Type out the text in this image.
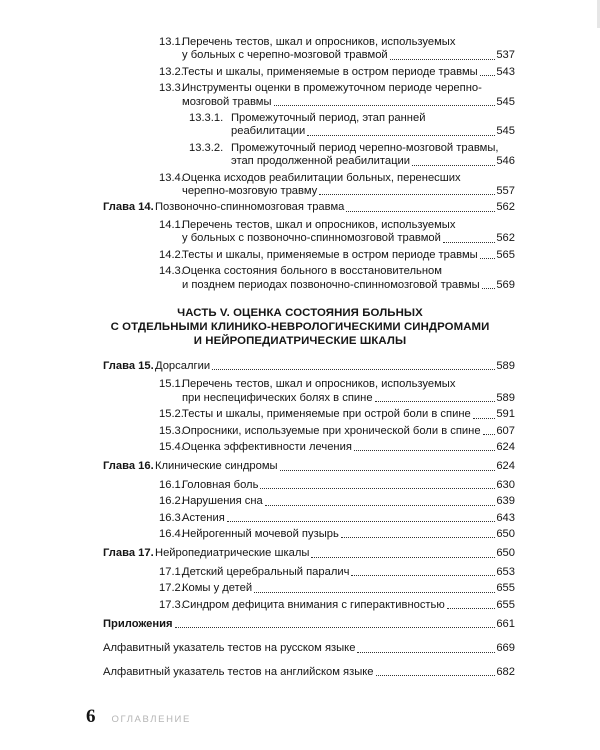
13.1.
Перечень тестов, шкал и опросников, используемых
у больных с черепно-мозговой травмой	537
13.2.
Тесты и шкалы, применяемые в остром периоде травмы 543
13.3.
Инструменты оценки в промежуточном периоде черепно-
мозговой травмы	545
13.3.1. Промежуточный период, этап ранней
реабилитации	545
13.3.2. Промежуточный период черепно-мозговой травмы,
этап продолженной реабилитации	546
13.4.
Оценка исходов реабилитации больных, перенесших
черепно-мозговую травму	557
Глава 14. Позвоночно-спинномозговая травма	562
14.1.
Перечень тестов, шкал и опросников, используемых
у больных с позвоночно-спинномозговой травмой	562
14.2.
Тесты и шкалы, применяемые в остром периоде травмы 565
14.3.
Оценка состояния больного в восстановительном
и позднем периодах позвоночно-спинномозговой травмы 569
ЧАСТЬ V. ОЦЕНКА СОСТОЯНИЯ БОЛЬНЫХ
С ОТДЕЛЬНЫМИ КЛИНИКО-НЕВРОЛОГИЧЕСКИМИ СИНДРОМАМИ
И НЕЙРОПЕДИАТРИЧЕСКИЕ ШКАЛЫ
Глава 15. Дорсалгии	589
15.1.
Перечень тестов, шкал и опросников, используемых
при неспецифических болях в спине	589
15.2.
Тесты и шкалы, применяемые при острой боли в спине 591
15.3.
Опросники, используемые при хронической боли в спине 607
15.4.
Оценка эффективности лечения	624
Глава 16. Клинические синдромы	624
16.1.
Головная боль	630
16.2.
Нарушения сна	639
16.3.
Астения	643
16.4.
Нейрогенный мочевой пузырь	650
Глава 17. Нейропедиатрические шкалы	650
17.1.
Детский церебральный паралич	653
17.2.
Комы у детей	655
17.3.
Синдром дефицита внимания с гиперактивностью	655
Приложения	661
Алфавитный указатель тестов на русском языке	669
Алфавитный указатель тестов на английском языке	682
6 ОГЛАВЛЕНИЕ
